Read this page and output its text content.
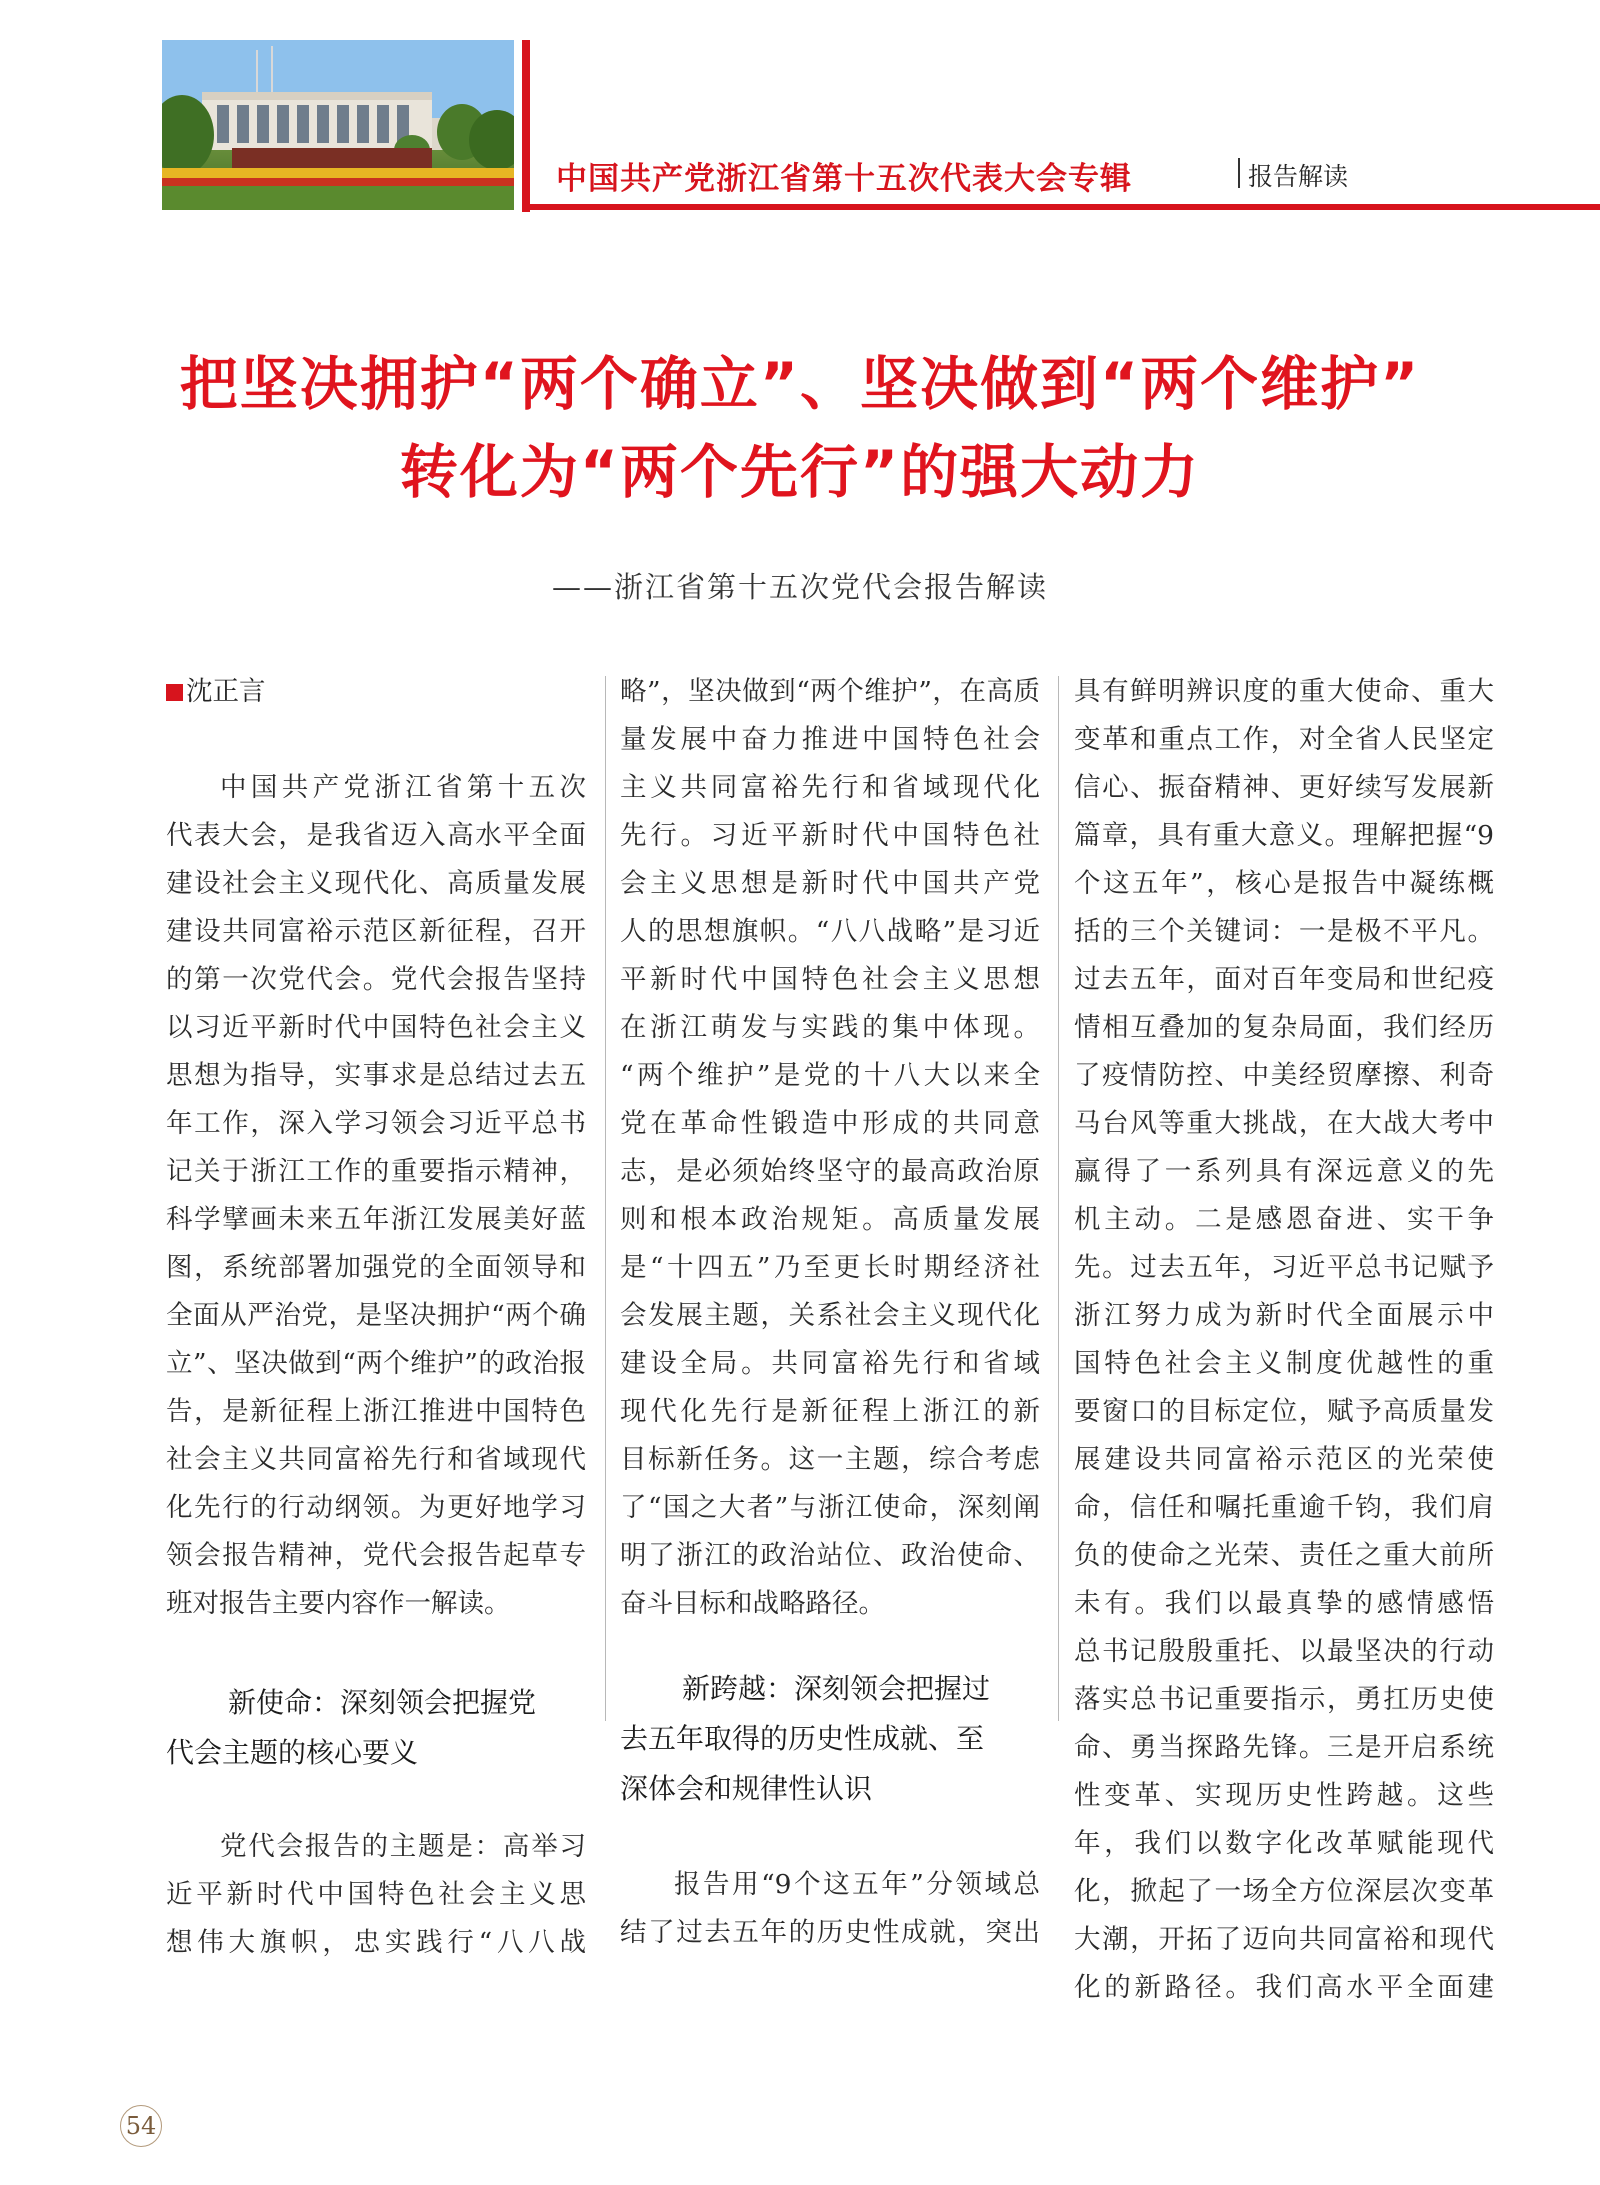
中国共产党浙江省第十五次代表大会专辑	报告解读
把坚决拥护“两个确立”、坚决做到“两个维护”
转化为“两个先行”的强大动力
——浙江省第十五次党代会报告解读
沈正言
中国共产党浙江省第十五次
代表大会，是我省迈入高水平全面
建设社会主义现代化、高质量发展
建设共同富裕示范区新征程，召开
的第一次党代会。党代会报告坚持
以习近平新时代中国特色社会主义
思想为指导，实事求是总结过去五
年工作，深入学习领会习近平总书
记关于浙江工作的重要指示精神，
科学擘画未来五年浙江发展美好蓝
图，系统部署加强党的全面领导和
全面从严治党，是坚决拥护“两个确
立”、坚决做到“两个维护”的政治报
告，是新征程上浙江推进中国特色
社会主义共同富裕先行和省域现代
化先行的行动纲领。为更好地学习
领会报告精神，党代会报告起草专
班对报告主要内容作一解读。
新使命：深刻领会把握党
代会主题的核心要义
党代会报告的主题是：高举习
近平新时代中国特色社会主义思
想伟大旗帜，忠实践行“八八战
略”，坚决做到“两个维护”，在高质
量发展中奋力推进中国特色社会
主义共同富裕先行和省域现代化
先行。习近平新时代中国特色社
会主义思想是新时代中国共产党
人的思想旗帜。“八八战略”是习近
平新时代中国特色社会主义思想
在浙江萌发与实践的集中体现。
“两个维护”是党的十八大以来全
党在革命性锻造中形成的共同意
志，是必须始终坚守的最高政治原
则和根本政治规矩。高质量发展
是“十四五”乃至更长时期经济社
会发展主题，关系社会主义现代化
建设全局。共同富裕先行和省域
现代化先行是新征程上浙江的新
目标新任务。这一主题，综合考虑
了“国之大者”与浙江使命，深刻阐
明了浙江的政治站位、政治使命、
奋斗目标和战略路径。
新跨越：深刻领会把握过
去五年取得的历史性成就、至
深体会和规律性认识
报告用“9个这五年”分领域总
结了过去五年的历史性成就，突出
具有鲜明辨识度的重大使命、重大
变革和重点工作，对全省人民坚定
信心、振奋精神、更好续写发展新
篇章，具有重大意义。理解把握“9
个这五年”，核心是报告中凝练概
括的三个关键词：一是极不平凡。
过去五年，面对百年变局和世纪疫
情相互叠加的复杂局面，我们经历
了疫情防控、中美经贸摩擦、利奇
马台风等重大挑战，在大战大考中
赢得了一系列具有深远意义的先
机主动。二是感恩奋进、实干争
先。过去五年，习近平总书记赋予
浙江努力成为新时代全面展示中
国特色社会主义制度优越性的重
要窗口的目标定位，赋予高质量发
展建设共同富裕示范区的光荣使
命，信任和嘱托重逾千钧，我们肩
负的使命之光荣、责任之重大前所
未有。我们以最真挚的感情感悟
总书记殷殷重托、以最坚决的行动
落实总书记重要指示，勇扛历史使
命、勇当探路先锋。三是开启系统
性变革、实现历史性跨越。这些
年，我们以数字化改革赋能现代
化，掀起了一场全方位深层次变革
大潮，开拓了迈向共同富裕和现代
化的新路径。我们高水平全面建
54
